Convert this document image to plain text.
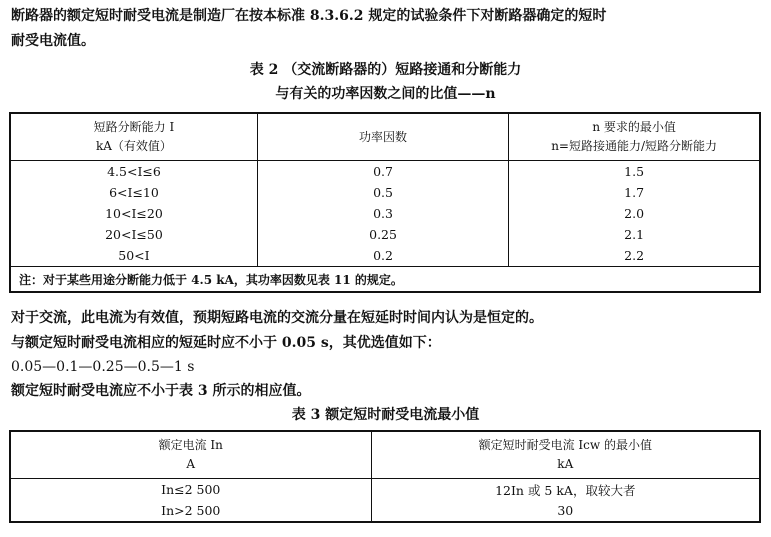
断路器的额定短时耐受电流是制造厂在按本标准 8.3.6.2 规定的试验条件下对断路器确定的短时

耐受电流值。

表 2 （交流断路器的）短路接通和分断能力

与有关的功率因数之间的比值——n

短路分断能力 I
kA（有效值）	功率因数	n 要求的最小值
n=短路接通能力/短路分断能力

4.5<I≤6	0.7	1.5
6<I≤10	0.5	1.7
10<I≤20	0.3	2.0
20<I≤50	0.25	2.1
50<I	0.2	2.2
注：对于某些用途分断能力低于 4.5 kA，其功率因数见表 11 的规定。		

对于交流，此电流为有效值，预期短路电流的交流分量在短延时时间内认为是恒定的。

与额定短时耐受电流相应的短延时应不小于 0.05 s，其优选值如下：

0.05—0.1—0.25—0.5—1 s

额定短时耐受电流应不小于表 3 所示的相应值。

表 3 额定短时耐受电流最小值

额定电流 In
A	额定短时耐受电流 Icw 的最小值
kA

In≤2 500	12In 或 5 kA，取较大者
In>2 500	30
